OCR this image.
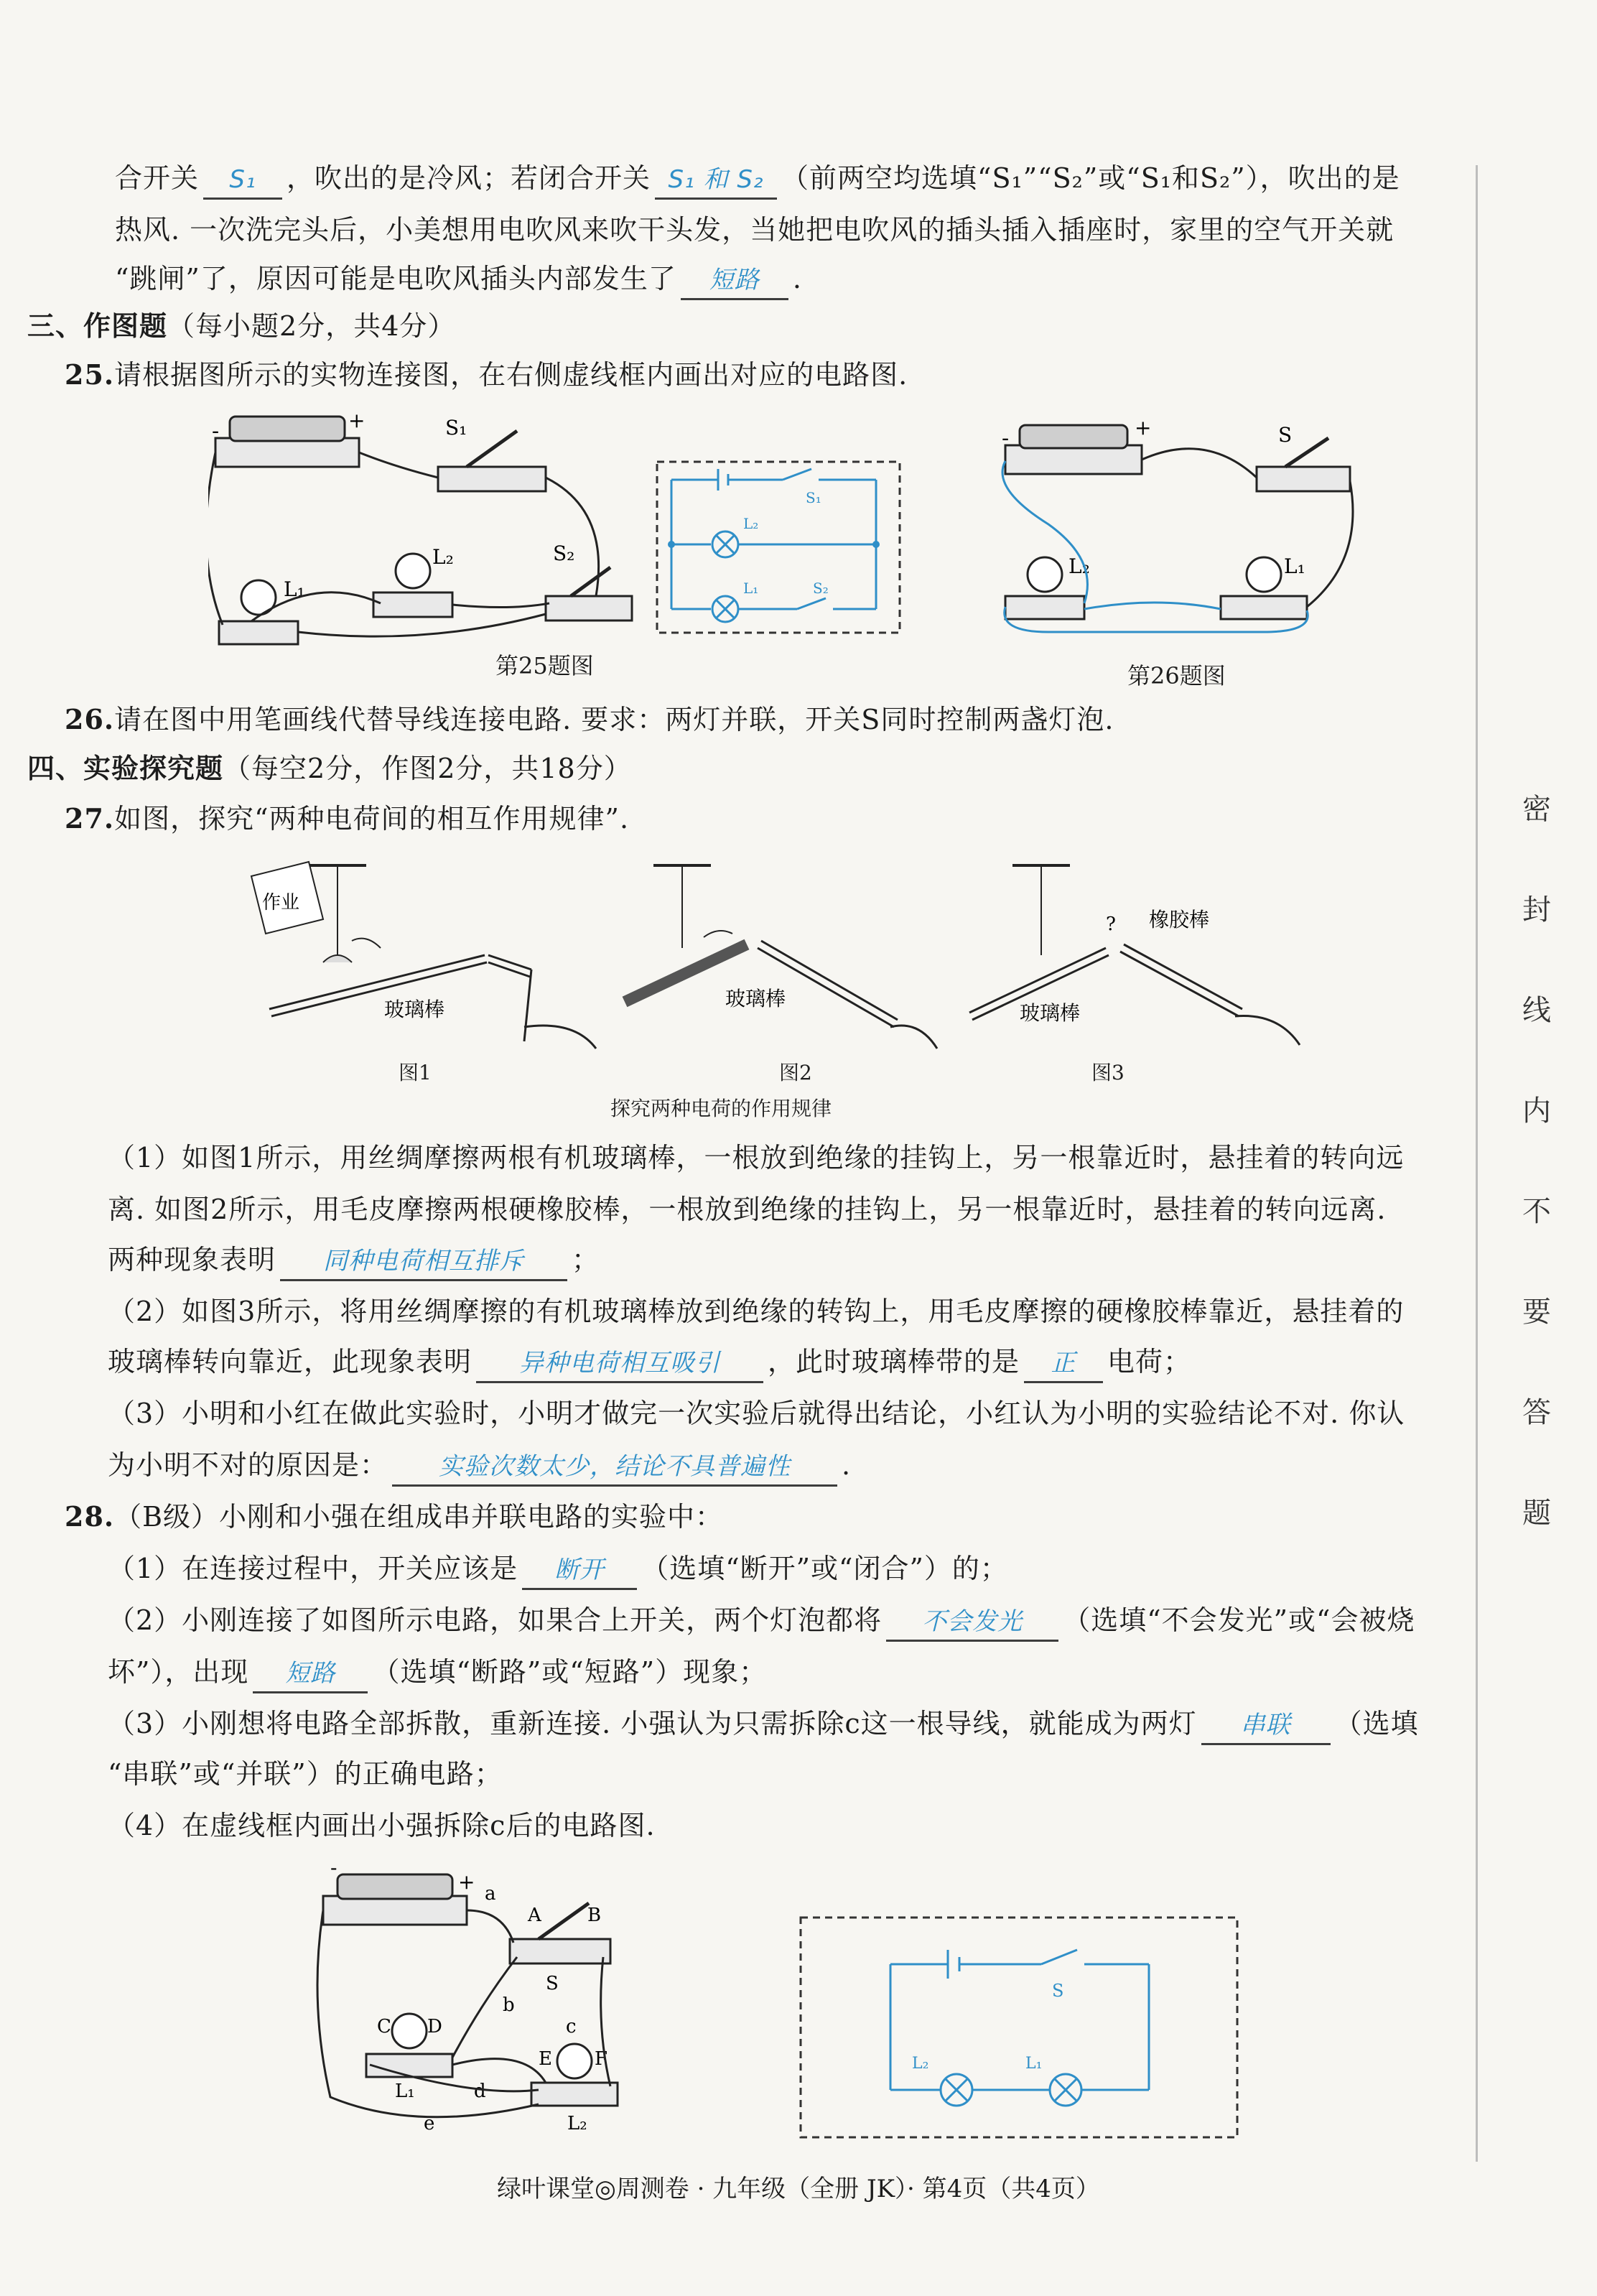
合开关 S₁ ，吹出的是冷风；若闭合开关 S₁ 和 S₂ （前两空均选填“S₁”“S₂”或“S₁和S₂”），吹出的是
热风. 一次洗完头后，小美想用电吹风来吹干头发，当她把电吹风的插头插入插座时，家里的空气开关就
“跳闸”了，原因可能是电吹风插头内部发生了 短路 .
三、作图题（每小题2分，共4分）
25.请根据图所示的实物连接图，在右侧虚线框内画出对应的电路图.
-	+	S₁
S₂
L₂
L₁
S₁
L₂
L₁	S₂
第25题图
-	+	S
L₂	L₁
第26题图
26.请在图中用笔画线代替导线连接电路. 要求：两灯并联，开关S同时控制两盏灯泡.
四、实验探究题（每空2分，作图2分，共18分）
27.如图，探究“两种电荷间的相互作用规律”.
作业
玻璃棒
图1
玻璃棒
图2
? 橡胶棒
玻璃棒
图3
探究两种电荷的作用规律
（1）如图1所示，用丝绸摩擦两根有机玻璃棒，一根放到绝缘的挂钩上，另一根靠近时，悬挂着的转向远
离. 如图2所示，用毛皮摩擦两根硬橡胶棒，一根放到绝缘的挂钩上，另一根靠近时，悬挂着的转向远离.
两种现象表明 同种电荷相互排斥 ；
（2）如图3所示，将用丝绸摩擦的有机玻璃棒放到绝缘的转钩上，用毛皮摩擦的硬橡胶棒靠近，悬挂着的
玻璃棒转向靠近，此现象表明 异种电荷相互吸引 ，此时玻璃棒带的是 正 电荷；
（3）小明和小红在做此实验时，小明才做完一次实验后就得出结论，小红认为小明的实验结论不对. 你认
为小明不对的原因是： 实验次数太少，结论不具普遍性 .
28.（B级）小刚和小强在组成串并联电路的实验中：
（1）在连接过程中，开关应该是 断开 （选填“断开”或“闭合”）的；
（2）小刚连接了如图所示电路，如果合上开关，两个灯泡都将 不会发光 （选填“不会发光”或“会被烧
坏”），出现 短路 （选填“断路”或“短路”）现象；
（3）小刚想将电路全部拆散，重新连接. 小强认为只需拆除c这一根导线，就能成为两灯 串联 （选填
“串联”或“并联”）的正确电路；
（4）在虚线框内画出小强拆除c后的电路图.
-
+ a
A B
S
b
c
C D
L₁
E F
d
e	L₂
S
L₂	L₁
密
封
线
内
不
要
答
题
绿叶课堂◎周测卷 · 九年级（全册 JK）· 第4页（共4页）
